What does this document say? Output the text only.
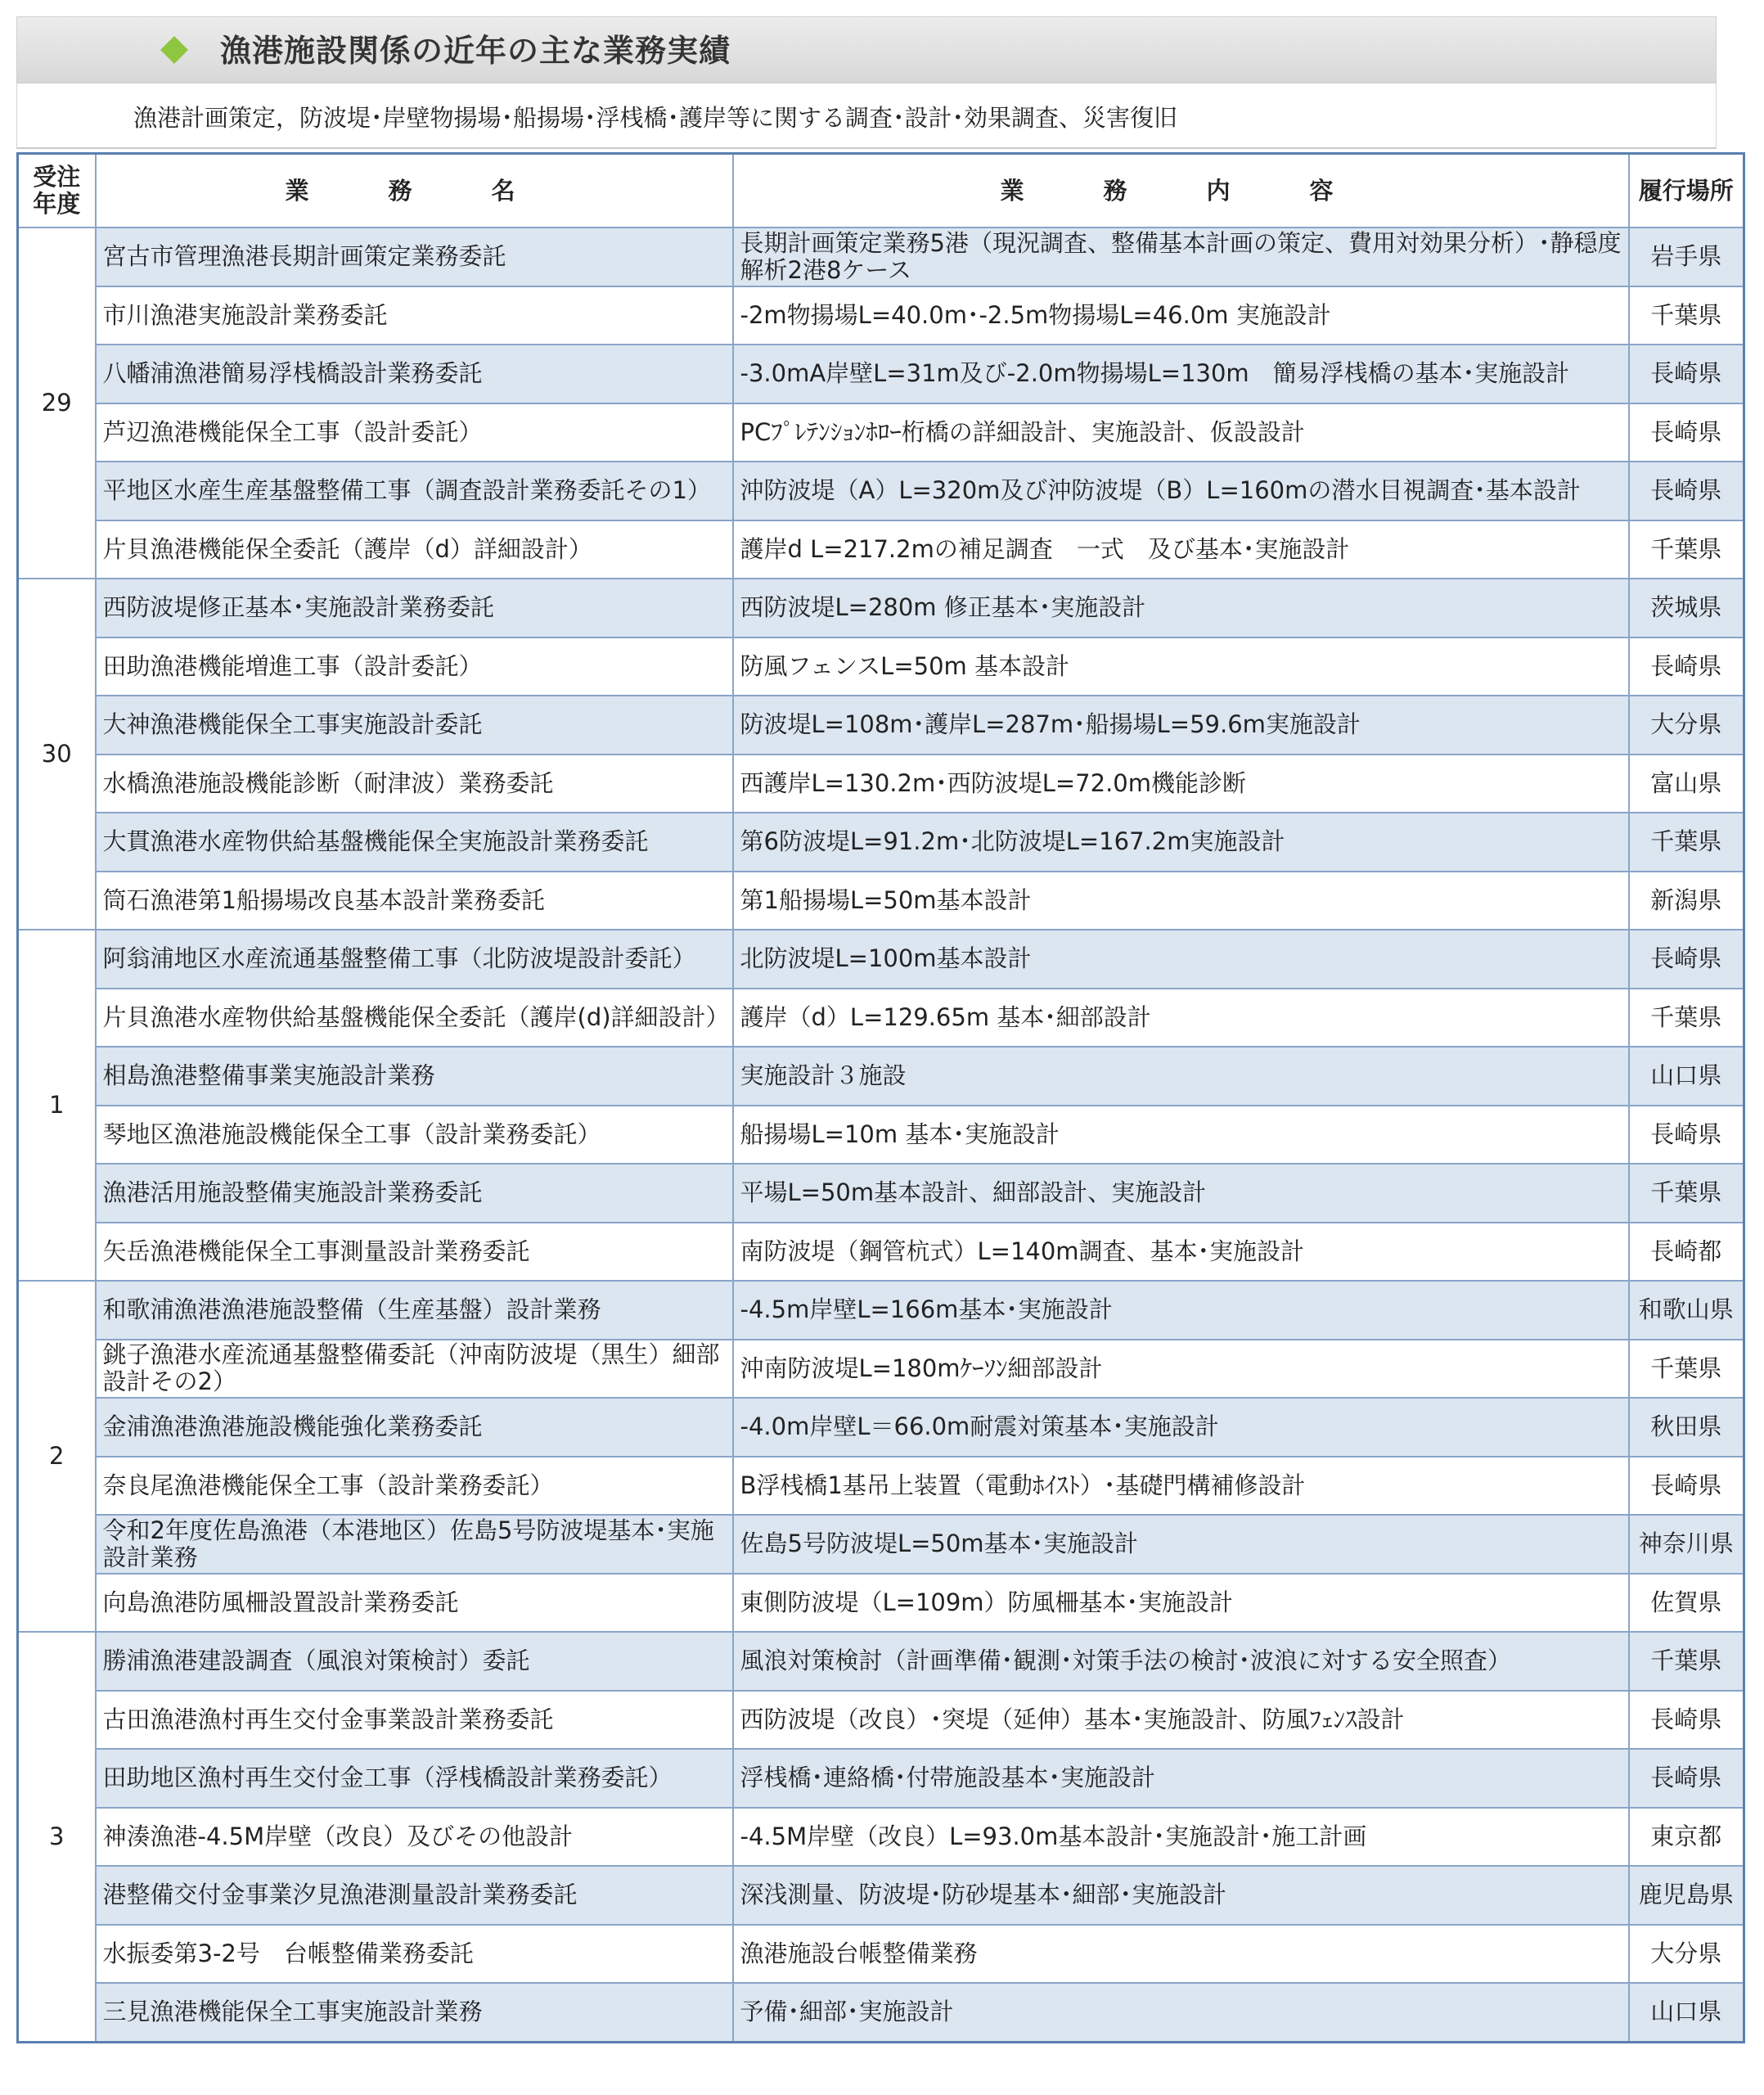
漁港施設関係の近年の主な業務実績
漁港計画策定，防波堤･岸壁物揚場･船揚場･浮桟橋･護岸等に関する調査･設計･効果調査、災害復旧
受注
年度	業　務　名	業　務　内　容	履行場所
29	宮古市管理漁港長期計画策定業務委託	長期計画策定業務5港（現況調査、整備基本計画の策定、費用対効果分析）･静穏度解析2港8ケース	岩手県
	市川漁港実施設計業務委託	-2m物揚場L=40.0m･-2.5m物揚場L=46.0m 実施設計	千葉県
	八幡浦漁港簡易浮桟橋設計業務委託	-3.0mA岸壁L=31m及び-2.0m物揚場L=130m　簡易浮桟橋の基本･実施設計	長崎県
	芦辺漁港機能保全工事（設計委託）	PCﾌﾟﾚﾃﾝｼｮﾝﾎﾛｰ桁橋の詳細設計、実施設計、仮設設計	長崎県
	平地区水産生産基盤整備工事（調査設計業務委託その1）	沖防波堤（A）L=320m及び沖防波堤（B）L=160mの潜水目視調査･基本設計	長崎県
	片貝漁港機能保全委託（護岸（d）詳細設計）	護岸d L=217.2mの補足調査　一式　及び基本･実施設計	千葉県
30	西防波堤修正基本･実施設計業務委託	西防波堤L=280m 修正基本･実施設計	茨城県
	田助漁港機能増進工事（設計委託）	防風フェンスL=50m 基本設計	長崎県
	大神漁港機能保全工事実施設計委託	防波堤L=108m･護岸L=287m･船揚場L=59.6m実施設計	大分県
	水橋漁港施設機能診断（耐津波）業務委託	西護岸L=130.2m･西防波堤L=72.0m機能診断	富山県
	大貫漁港水産物供給基盤機能保全実施設計業務委託	第6防波堤L=91.2m･北防波堤L=167.2m実施設計	千葉県
	筒石漁港第1船揚場改良基本設計業務委託	第1船揚場L=50m基本設計	新潟県
1	阿翁浦地区水産流通基盤整備工事（北防波堤設計委託）	北防波堤L=100m基本設計	長崎県
	片貝漁港水産物供給基盤機能保全委託（護岸(d)詳細設計）	護岸（d）L=129.65m 基本･細部設計	千葉県
	相島漁港整備事業実施設計業務	実施設計３施設	山口県
	琴地区漁港施設機能保全工事（設計業務委託）	船揚場L=10m 基本･実施設計	長崎県
	漁港活用施設整備実施設計業務委託	平場L=50m基本設計、細部設計、実施設計	千葉県
	矢岳漁港機能保全工事測量設計業務委託	南防波堤（鋼管杭式）L=140m調査、基本･実施設計	長崎都
2	和歌浦漁港漁港施設整備（生産基盤）設計業務	-4.5m岸壁L=166m基本･実施設計	和歌山県
	銚子漁港水産流通基盤整備委託（沖南防波堤（黒生）細部設計その2）	沖南防波堤L=180mｹｰｿﾝ細部設計	千葉県
	金浦漁港漁港施設機能強化業務委託	-4.0m岸壁L＝66.0m耐震対策基本･実施設計	秋田県
	奈良尾漁港機能保全工事（設計業務委託）	B浮桟橋1基吊上装置（電動ﾎｲｽﾄ）･基礎門構補修設計	長崎県
	令和2年度佐島漁港（本港地区）佐島5号防波堤基本･実施設計業務	佐島5号防波堤L=50m基本･実施設計	神奈川県
	向島漁港防風柵設置設計業務委託	東側防波堤（L=109m）防風柵基本･実施設計	佐賀県
3	勝浦漁港建設調査（風浪対策検討）委託	風浪対策検討（計画準備･観測･対策手法の検討･波浪に対する安全照査）	千葉県
	古田漁港漁村再生交付金事業設計業務委託	西防波堤（改良）･突堤（延伸）基本･実施設計、防風ﾌｪﾝｽ設計	長崎県
	田助地区漁村再生交付金工事（浮桟橋設計業務委託）	浮桟橋･連絡橋･付帯施設基本･実施設計	長崎県
	神湊漁港-4.5M岸壁（改良）及びその他設計	-4.5M岸壁（改良）L=93.0m基本設計･実施設計･施工計画	東京都
	港整備交付金事業汐見漁港測量設計業務委託	深浅測量、防波堤･防砂堤基本･細部･実施設計	鹿児島県
	水振委第3-2号　台帳整備業務委託	漁港施設台帳整備業務	大分県
	三見漁港機能保全工事実施設計業務	予備･細部･実施設計	山口県
